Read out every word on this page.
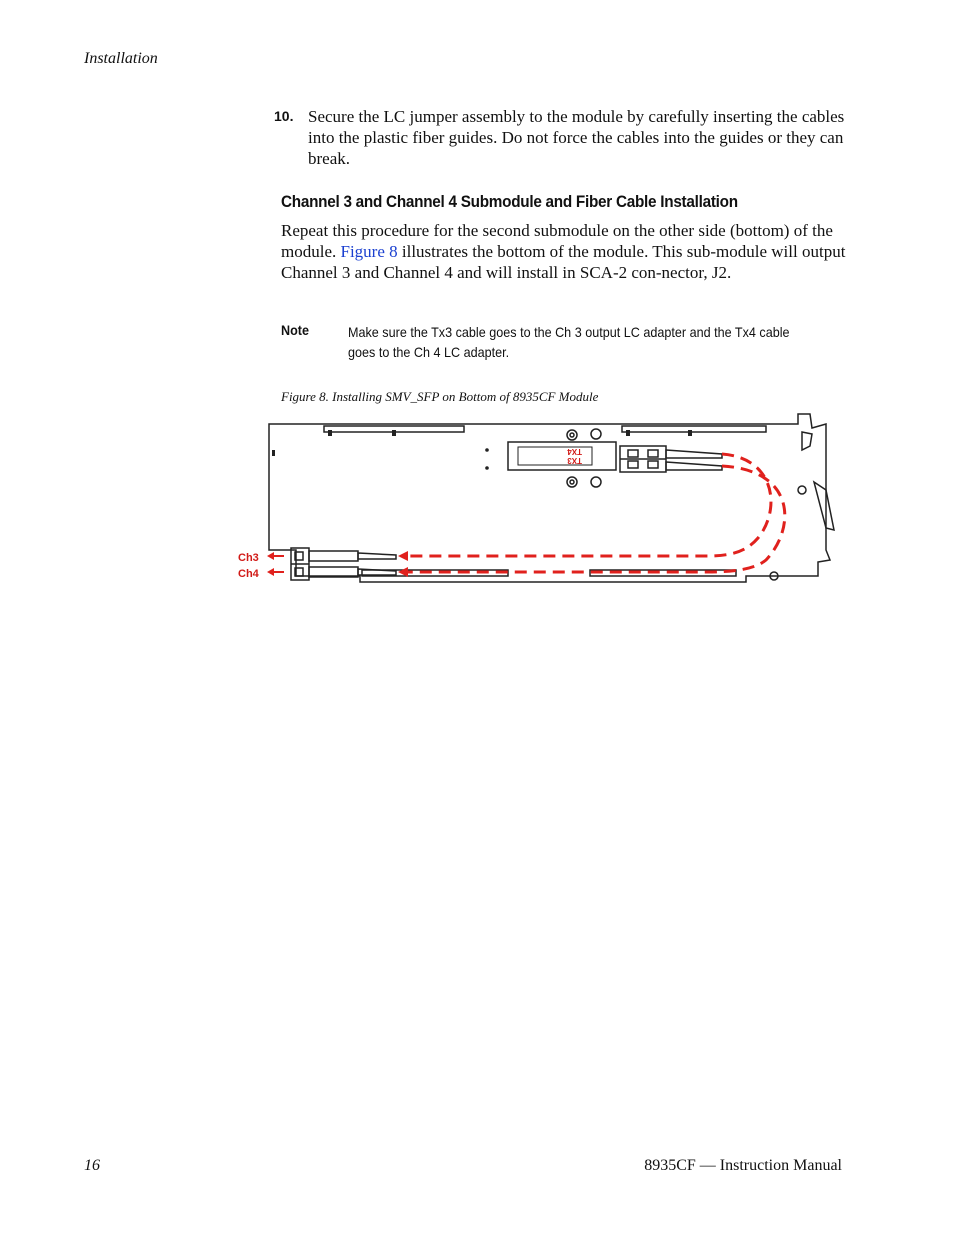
Installation
10. Secure the LC jumper assembly to the module by carefully inserting the cables into the plastic fiber guides. Do not force the cables into the guides or they can break.
Channel 3 and Channel 4 Submodule and Fiber Cable Installation
Repeat this procedure for the second submodule on the other side (bottom) of the module. Figure 8 illustrates the bottom of the module. This sub-module will output Channel 3 and Channel 4 and will install in SCA-2 con-nector, J2.
Note	Make sure the Tx3 cable goes to the Ch 3 output LC adapter and the Tx4 cable goes to the Ch 4 LC adapter.
Figure 8. Installing SMV_SFP on Bottom of 8935CF Module
Ch3
Ch4
TX3
TX4
16	8935CF — Instruction Manual
